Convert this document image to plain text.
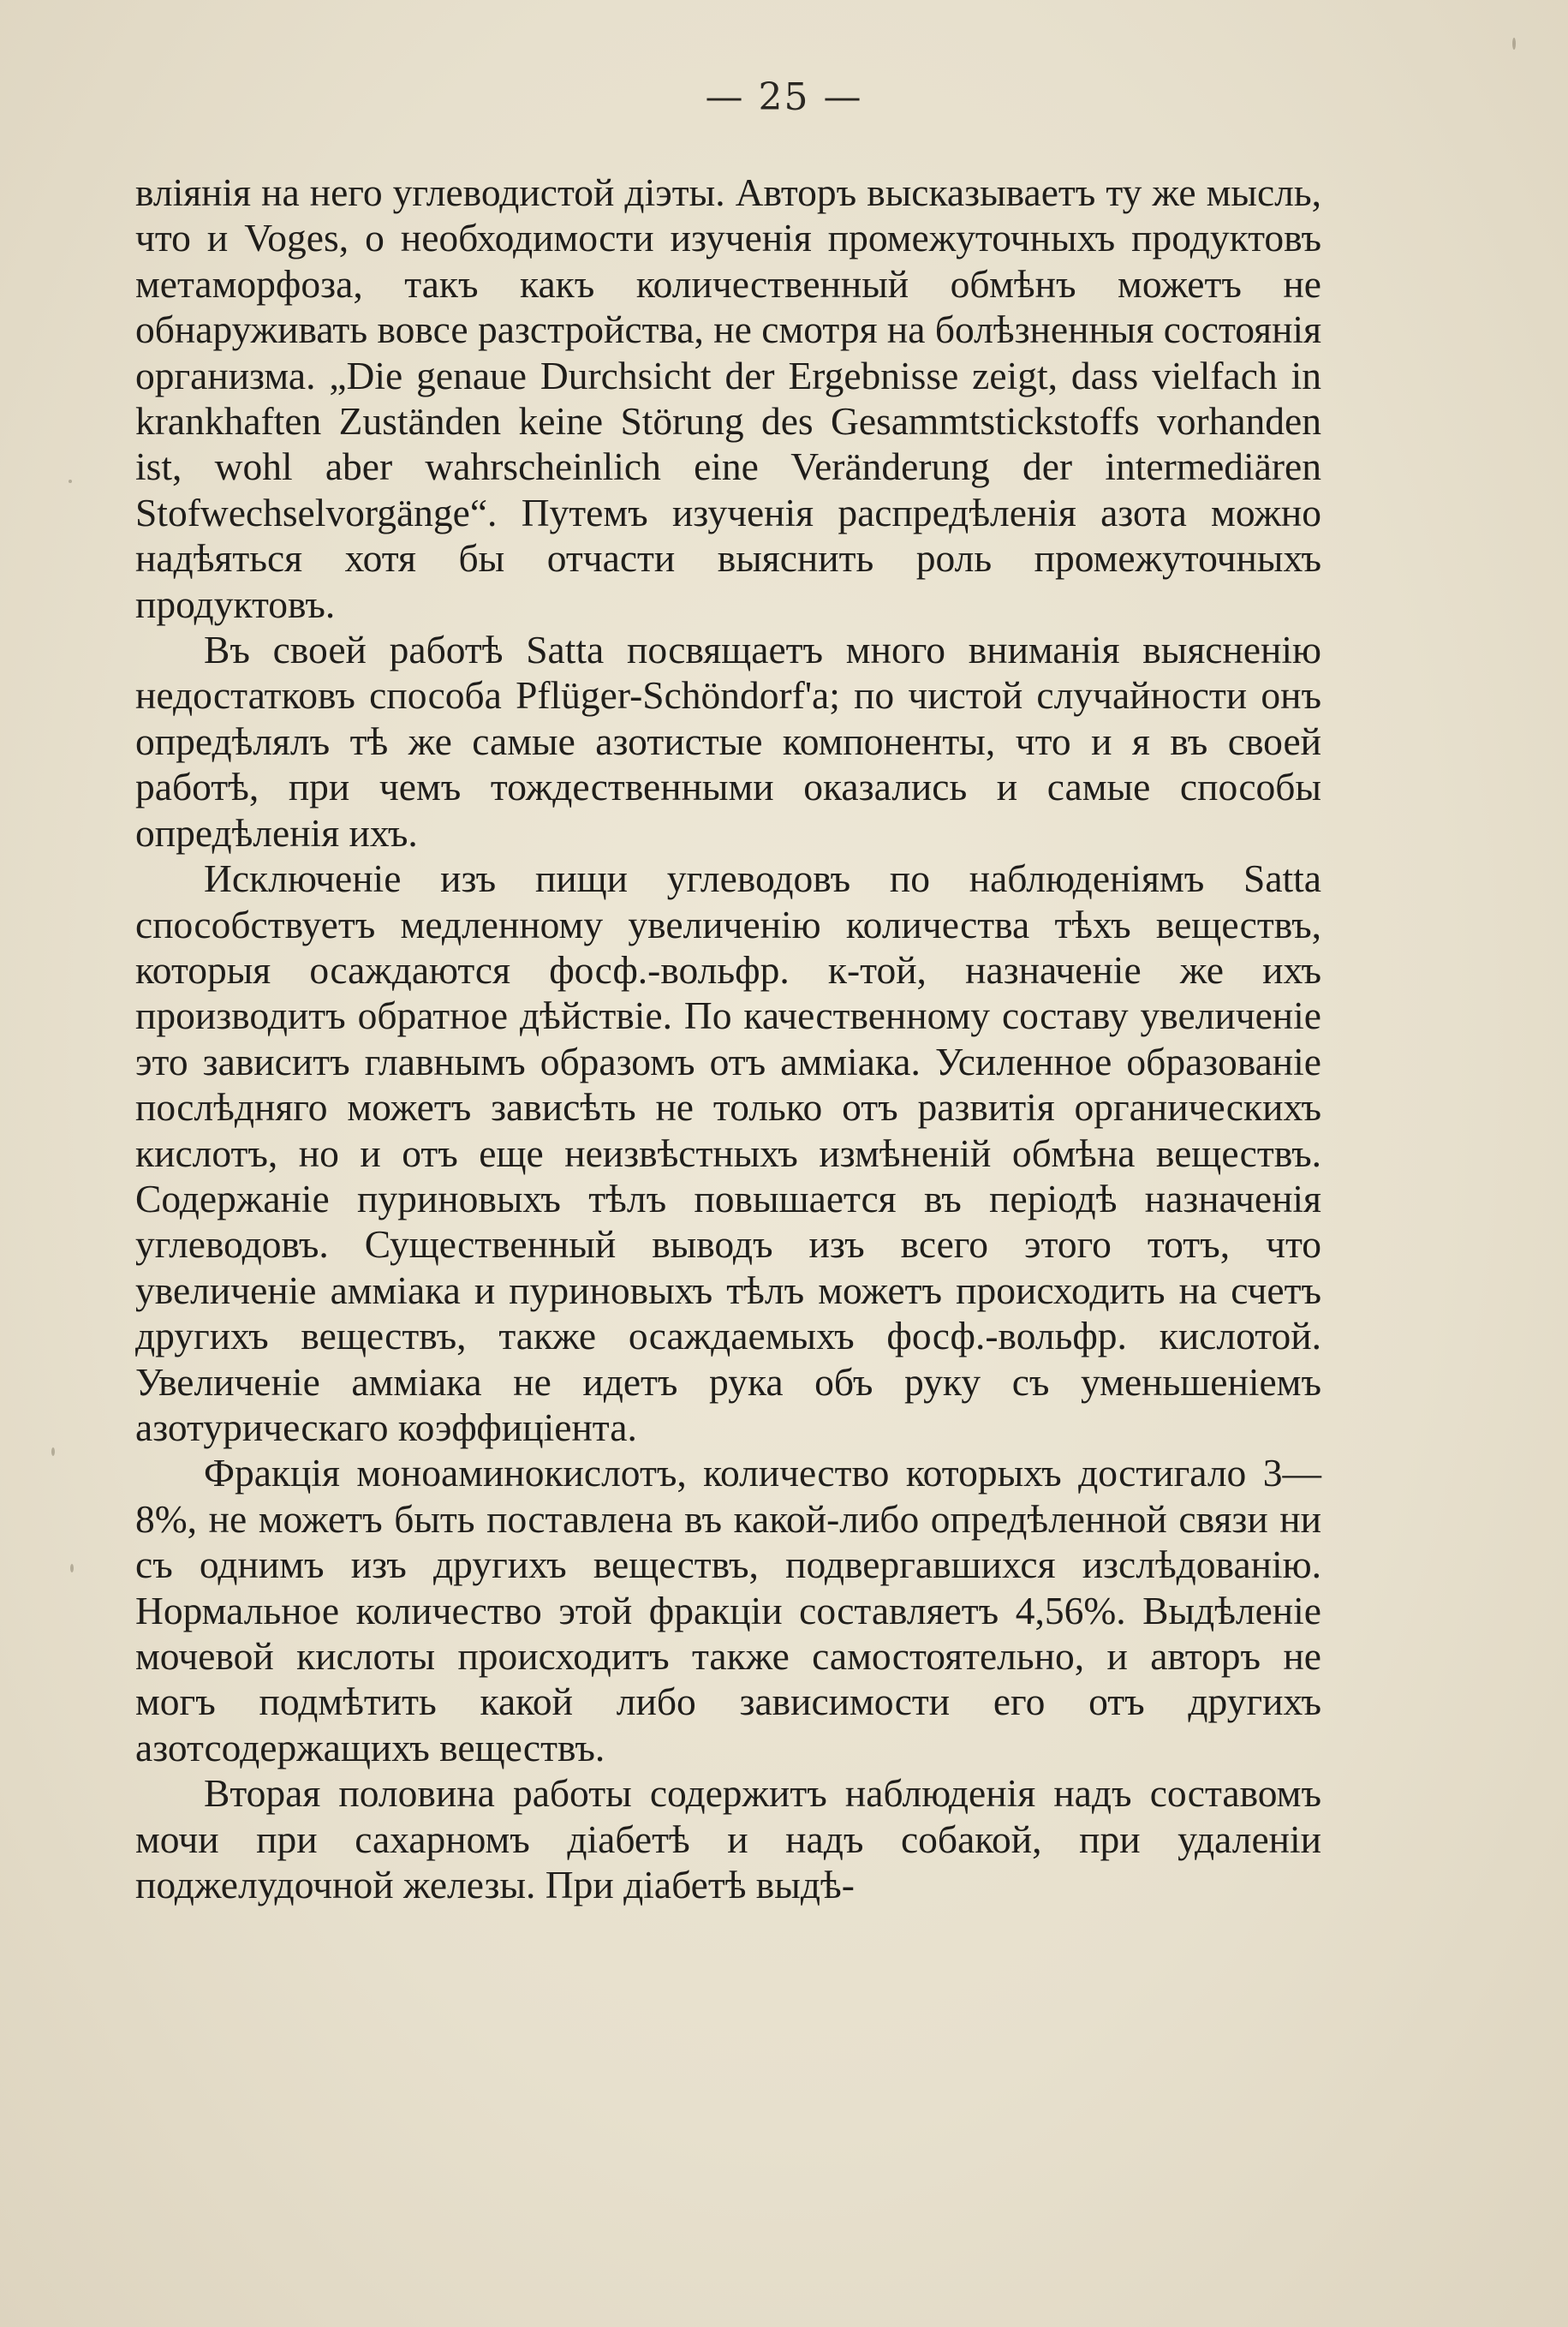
— 25 —

вліянія на него углеводистой діэты. Авторъ высказываетъ ту же мысль, что и Voges, о необходимости изученія промежуточныхъ продуктовъ метаморфоза, такъ какъ количественный обмѣнъ можетъ не обнаруживать вовсе разстройства, не смотря на болѣзненныя состоянія организма. „Die genaue Durchsicht der Ergebnisse zeigt, dass vielfach in krankhaften Zuständen keine Störung des Gesammtstickstoffs vorhanden ist, wohl aber wahrscheinlich eine Veränderung der intermediären Stofwechselvorgänge“. Путемъ изученія распредѣленія азота можно надѣяться хотя бы отчасти выяснить роль промежуточныхъ продуктовъ.

Въ своей работѣ Satta посвящаетъ много вниманія выясненію недостатковъ способа Pflüger-Schöndorf'a; по чистой случайности онъ опредѣлялъ тѣ же самые азотистые компоненты, что и я въ своей работѣ, при чемъ тождественными оказались и самые способы опредѣленія ихъ.

Исключеніе изъ пищи углеводовъ по наблюденіямъ Satta способствуетъ медленному увеличенію количества тѣхъ веществъ, которыя осаждаются фосф.-вольфр. к-той, назначеніе же ихъ производитъ обратное дѣйствіе. По качественному составу увеличеніе это зависитъ главнымъ образомъ отъ аммiака. Усиленное образованіе послѣдняго можетъ зависѣть не только отъ развитія органическихъ кислотъ, но и отъ еще неизвѣстныхъ измѣненій обмѣна веществъ. Содержаніе пуриновыхъ тѣлъ повышается въ періодѣ назначенія углеводовъ. Существенный выводъ изъ всего этого тотъ, что увеличеніе аммiака и пуриновыхъ тѣлъ можетъ происходить на счетъ другихъ веществъ, также осаждаемыхъ фосф.-вольфр. кислотой. Увеличеніе аммiака не идетъ рука объ руку съ уменьшеніемъ азотурическаго коэффиціента.

Фракція моноаминокислотъ, количество которыхъ достигало 3—8%, не можетъ быть поставлена въ какой-либо опредѣленной связи ни съ однимъ изъ другихъ веществъ, подвергавшихся изслѣдованію. Нормальное количество этой фракціи составляетъ 4,56%. Выдѣленіе мочевой кислоты происходитъ также самостоятельно, и авторъ не могъ подмѣтить какой либо зависимости его отъ другихъ азотсодержащихъ веществъ.

Вторая половина работы содержитъ наблюденія надъ составомъ мочи при сахарномъ діабетѣ и надъ собакой, при удаленіи поджелудочной железы. При діабетѣ выдѣ-
